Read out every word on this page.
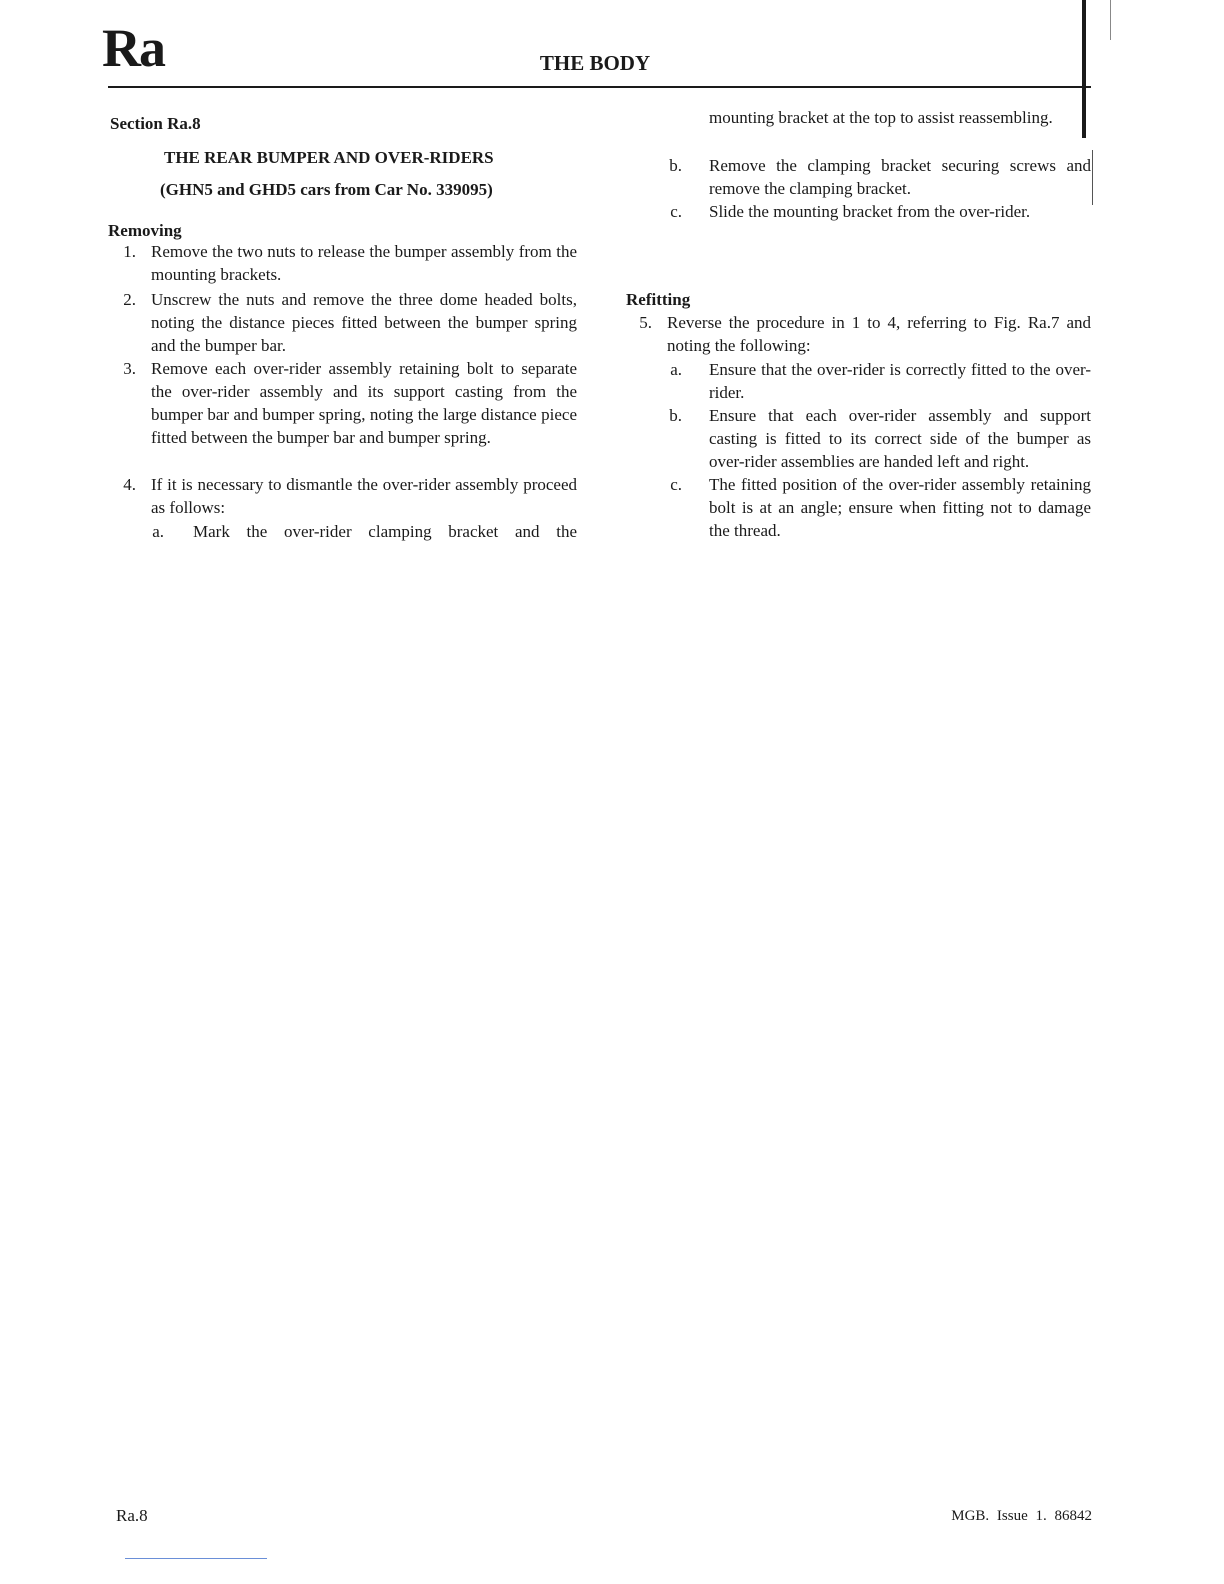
Ra	THE BODY
Section Ra.8
THE REAR BUMPER AND OVER-RIDERS
(GHN5 and GHD5 cars from Car No. 339095)
Removing
1. Remove the two nuts to release the bumper assembly from the mounting brackets.
2. Unscrew the nuts and remove the three dome headed bolts, noting the distance pieces fitted between the bumper spring and the bumper bar.
3. Remove each over-rider assembly retaining bolt to separate the over-rider assembly and its support casting from the bumper bar and bumper spring, noting the large distance piece fitted between the bumper bar and bumper spring.
4. If it is necessary to dismantle the over-rider assembly proceed as follows:
a. Mark the over-rider clamping bracket and the
mounting bracket at the top to assist reassembling.
b. Remove the clamping bracket securing screws and remove the clamping bracket.
c. Slide the mounting bracket from the over-rider.
Refitting
5. Reverse the procedure in 1 to 4, referring to Fig. Ra.7 and noting the following:
a. Ensure that the over-rider is correctly fitted to the over-rider.
b. Ensure that each over-rider assembly and support casting is fitted to its correct side of the bumper as over-rider assemblies are handed left and right.
c. The fitted position of the over-rider assembly retaining bolt is at an angle; ensure when fitting not to damage the thread.
Ra.8	MGB. Issue 1. 86842
